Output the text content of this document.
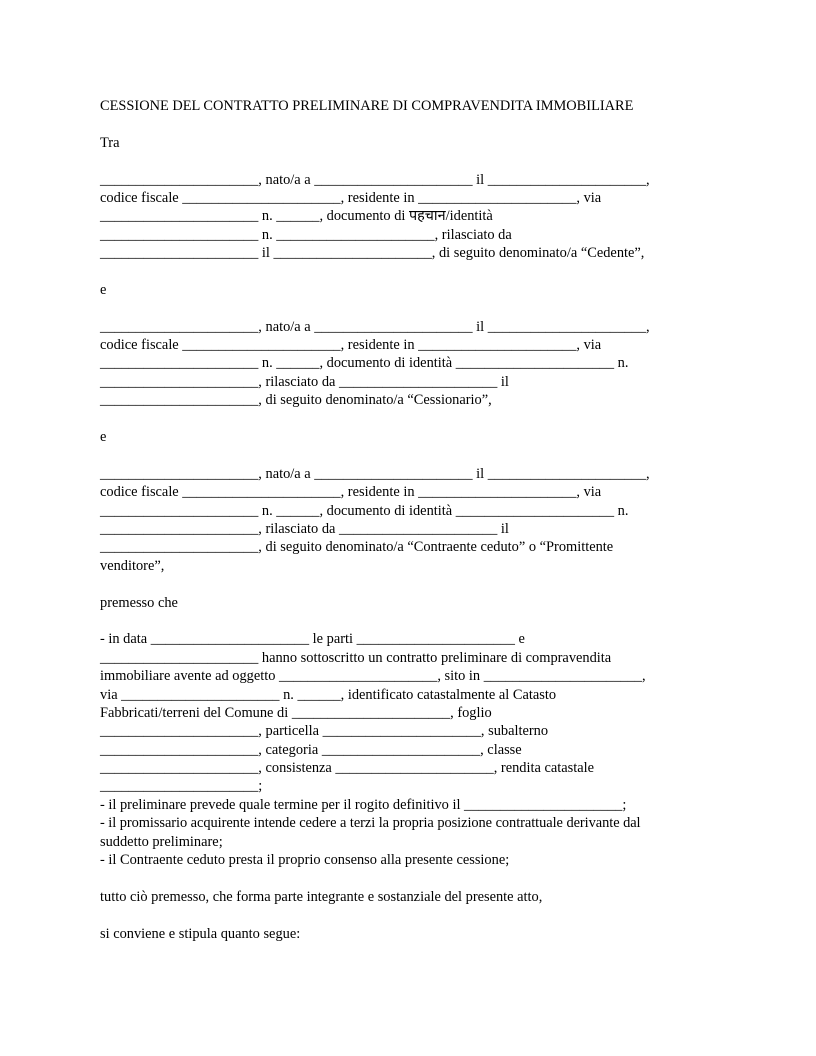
CESSIONE DEL CONTRATTO PRELIMINARE DI COMPRAVENDITA IMMOBILIARE
Tra
______________________, nato/a a ______________________ il ______________________,
codice fiscale ______________________, residente in ______________________, via
______________________ n. ______, documento di पहचान/identità
______________________ n. ______________________, rilasciato da
______________________ il ______________________, di seguito denominato/a “Cedente”,
e
______________________, nato/a a ______________________ il ______________________,
codice fiscale ______________________, residente in ______________________, via
______________________ n. ______, documento di identità ______________________ n.
______________________, rilasciato da ______________________ il
______________________, di seguito denominato/a “Cessionario”,
e
______________________, nato/a a ______________________ il ______________________,
codice fiscale ______________________, residente in ______________________, via
______________________ n. ______, documento di identità ______________________ n.
______________________, rilasciato da ______________________ il
______________________, di seguito denominato/a “Contraente ceduto” o “Promittente
venditore”,
premesso che
- in data ______________________ le parti ______________________ e
______________________ hanno sottoscritto un contratto preliminare di compravendita
immobiliare avente ad oggetto ______________________, sito in ______________________,
via ______________________ n. ______, identificato catastalmente al Catasto
Fabbricati/terreni del Comune di ______________________, foglio
______________________, particella ______________________, subalterno
______________________, categoria ______________________, classe
______________________, consistenza ______________________, rendita catastale
______________________;
- il preliminare prevede quale termine per il rogito definitivo il ______________________;
- il promissario acquirente intende cedere a terzi la propria posizione contrattuale derivante dal
suddetto preliminare;
- il Contraente ceduto presta il proprio consenso alla presente cessione;
tutto ciò premesso, che forma parte integrante e sostanziale del presente atto,
si conviene e stipula quanto segue:
